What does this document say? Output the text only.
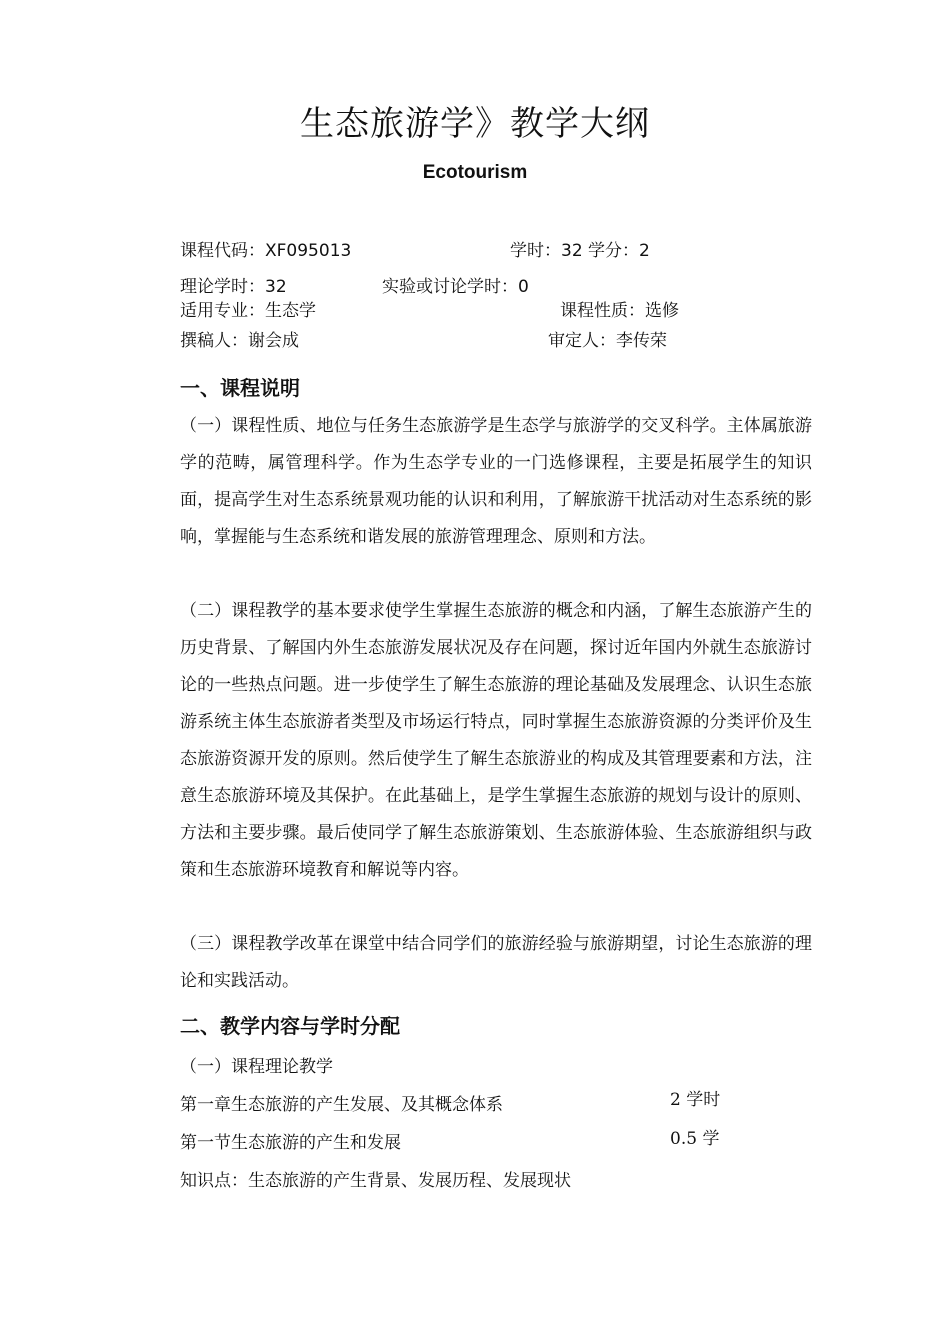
生态旅游学》教学大纲
Ecotourism
课程代码：XF095013	学时：32 学分：2
理论学时：32	实验或讨论学时：0
适用专业：生态学	课程性质：选修
撰稿人：谢会成	审定人：李传荣
一、课程说明
（一）课程性质、地位与任务生态旅游学是生态学与旅游学的交叉科学。主体属旅游学的范畴，属管理科学。作为生态学专业的一门选修课程，主要是拓展学生的知识面，提高学生对生态系统景观功能的认识和利用，了解旅游干扰活动对生态系统的影响，掌握能与生态系统和谐发展的旅游管理理念、原则和方法。
（二）课程教学的基本要求使学生掌握生态旅游的概念和内涵，了解生态旅游产生的历史背景、了解国内外生态旅游发展状况及存在问题，探讨近年国内外就生态旅游讨论的一些热点问题。进一步使学生了解生态旅游的理论基础及发展理念、认识生态旅游系统主体生态旅游者类型及市场运行特点，同时掌握生态旅游资源的分类评价及生态旅游资源开发的原则。然后使学生了解生态旅游业的构成及其管理要素和方法，注意生态旅游环境及其保护。在此基础上，是学生掌握生态旅游的规划与设计的原则、方法和主要步骤。最后使同学了解生态旅游策划、生态旅游体验、生态旅游组织与政策和生态旅游环境教育和解说等内容。
（三）课程教学改革在课堂中结合同学们的旅游经验与旅游期望，讨论生态旅游的理论和实践活动。
二、教学内容与学时分配
（一）课程理论教学
第一章生态旅游的产生发展、及其概念体系	2 学时
第一节生态旅游的产生和发展	0.5 学
知识点：生态旅游的产生背景、发展历程、发展现状
